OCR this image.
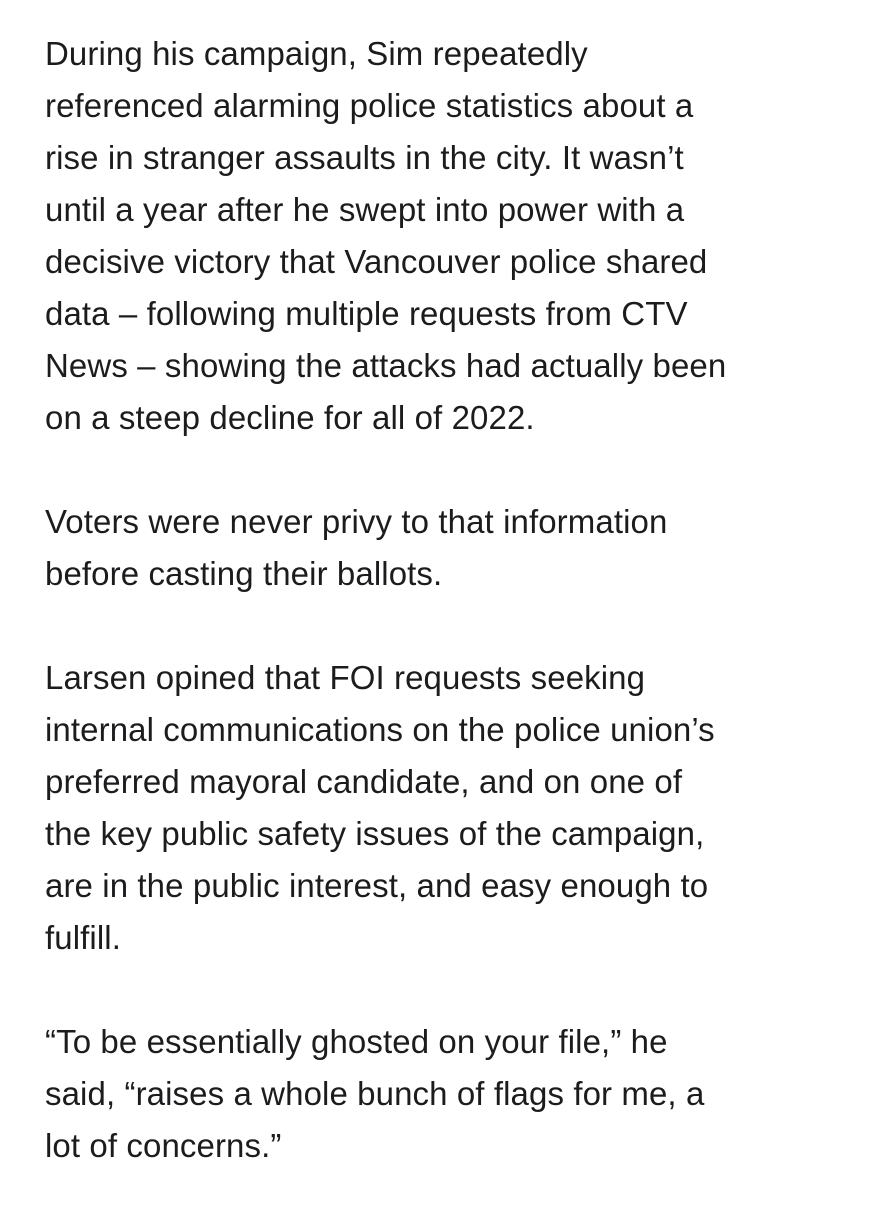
During his campaign, Sim repeatedly
referenced alarming police statistics about a
rise in stranger assaults in the city. It wasn’t
until a year after he swept into power with a
decisive victory that Vancouver police shared
data – following multiple requests from CTV
News – showing the attacks had actually been
on a steep decline for all of 2022.

Voters were never privy to that information
before casting their ballots.

Larsen opined that FOI requests seeking
internal communications on the police union’s
preferred mayoral candidate, and on one of
the key public safety issues of the campaign,
are in the public interest, and easy enough to
fulfill.

“To be essentially ghosted on your file,” he
said, “raises a whole bunch of flags for me, a
lot of concerns.”
